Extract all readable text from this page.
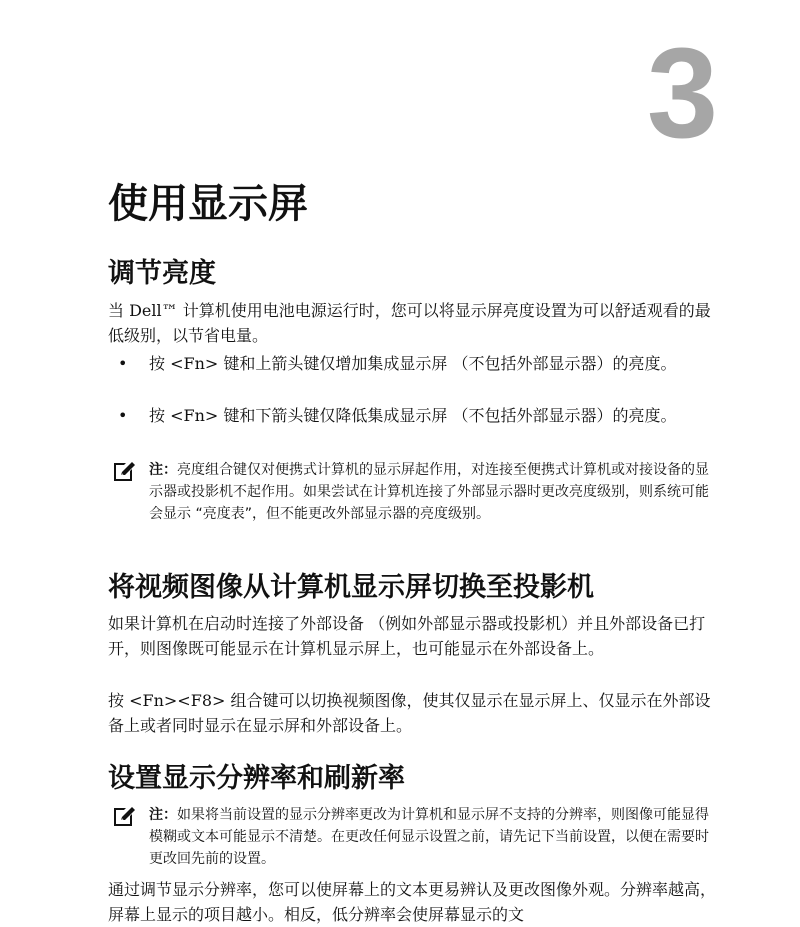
3
使用显示屏
调节亮度

当 Dell™ 计算机使用电池电源运行时，您可以将显示屏亮度设置为可以舒适观看的最低级别，以节省电量。

• 按 <Fn> 键和上箭头键仅增加集成显示屏 （不包括外部显示器）的亮度。
• 按 <Fn> 键和下箭头键仅降低集成显示屏 （不包括外部显示器）的亮度。
注：亮度组合键仅对便携式计算机的显示屏起作用，对连接至便携式计算机或对接设备的显示器或投影机不起作用。如果尝试在计算机连接了外部显示器时更改亮度级别，则系统可能会显示 “亮度表”，但不能更改外部显示器的亮度级别。
将视频图像从计算机显示屏切换至投影机

如果计算机在启动时连接了外部设备 （例如外部显示器或投影机）并且外部设备已打开，则图像既可能显示在计算机显示屏上，也可能显示在外部设备上。

按 <Fn><F8> 组合键可以切换视频图像，使其仅显示在显示屏上、仅显示在外部设备上或者同时显示在显示屏和外部设备上。

设置显示分辨率和刷新率
注：如果将当前设置的显示分辨率更改为计算机和显示屏不支持的分辨率，则图像可能显得模糊或文本可能显示不清楚。在更改任何显示设置之前，请先记下当前设置，以便在需要时更改回先前的设置。

通过调节显示分辨率，您可以使屏幕上的文本更易辨认及更改图像外观。分辨率越高，屏幕上显示的项目越小。相反，低分辨率会使屏幕显示的文
